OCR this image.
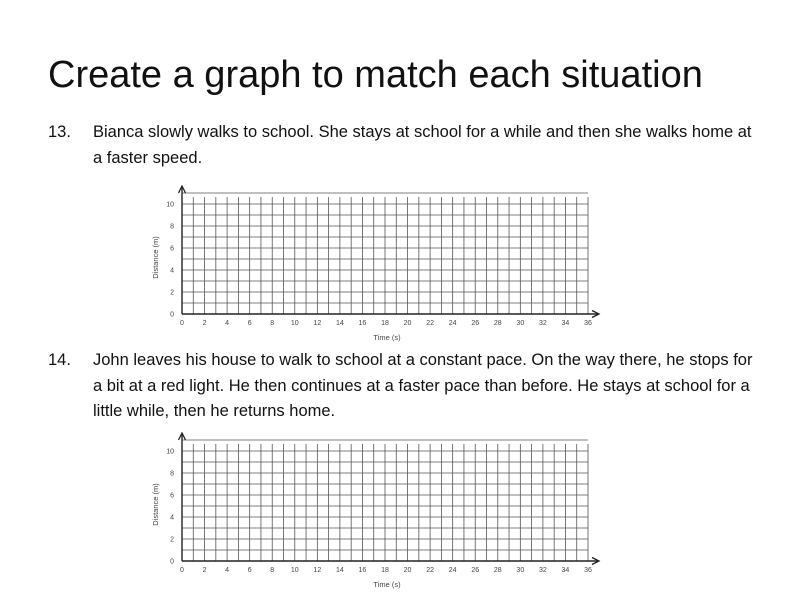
Create a graph to match each situation
13. Bianca slowly walks to school. She stays at school for a while and then she walks home at a faster speed.
0	2	4	6	8 10 12 14 16 18 20 22 24 26 28 30 32 34 36
0
2
4
6
8
10
Time (s)
Distance (m)
14. John leaves his house to walk to school at a constant pace. On the way there, he stops for a bit at a red light. He then continues at a faster pace than before. He stays at school for a little while, then he returns home.
0	2	4	6	8 10 12 14 16 18 20 22 24 26 28 30 32 34 36
0
2
4
6
8
10
Time (s)
Distance (m)
